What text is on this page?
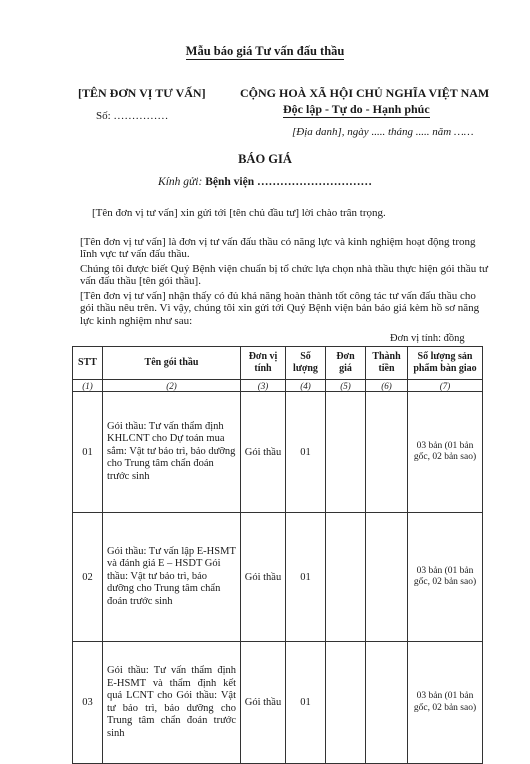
Mẫu báo giá Tư vấn đấu thầu
[TÊN ĐƠN VỊ TƯ VẤN]
Số: ……………
CỘNG HOÀ XÃ HỘI CHỦ NGHĨA VIỆT NAM
Độc lập - Tự do - Hạnh phúc
[Địa danh], ngày ..... tháng ..... năm ……
BÁO GIÁ
Kính gửi: Bệnh viện …………………………
[Tên đơn vị tư vấn] xin gửi tới [tên chủ đầu tư] lời chào trân trọng.
[Tên đơn vị tư vấn] là đơn vị tư vấn đấu thầu có năng lực và kinh nghiệm hoạt động trong lĩnh vực tư vấn đấu thầu.
Chúng tôi được biết Quý Bệnh viện chuẩn bị tổ chức lựa chọn nhà thầu thực hiện gói thầu tư vấn đấu thầu [tên gói thầu].
[Tên đơn vị tư vấn] nhận thấy có đủ khả năng hoàn thành tốt công tác tư vấn đấu thầu cho gói thầu nêu trên. Vì vậy, chúng tôi xin gửi tới Quý Bệnh viện bản báo giá kèm hồ sơ năng lực kinh nghiệm như sau:
Đơn vị tính: đồng
STT	Tên gói thầu	Đơn vị tính	Số lượng	Đơn giá	Thành tiền	Số lượng sản phẩm bàn giao
(1)	(2)	(3)	(4)	(5)	(6)	(7)
01	Gói thầu: Tư vấn thẩm định KHLCNT cho Dự toán mua sắm: Vật tư bảo trì, bảo dưỡng cho Trung tâm chẩn đoán trước sinh	Gói thầu	01			03 bản (01 bản gốc, 02 bản sao)
02	Gói thầu: Tư vấn lập E-HSMT và đánh giá E – HSDT Gói thầu: Vật tư bảo trì, bảo dưỡng cho Trung tâm chẩn đoán trước sinh	Gói thầu	01			03 bản (01 bản gốc, 02 bản sao)
03	Gói thầu: Tư vấn thẩm định E-HSMT và thẩm định kết quả LCNT cho Gói thầu: Vật tư bảo trì, bảo dưỡng cho Trung tâm chẩn đoán trước sinh	Gói thầu	01			03 bản (01 bản gốc, 02 bản sao)
